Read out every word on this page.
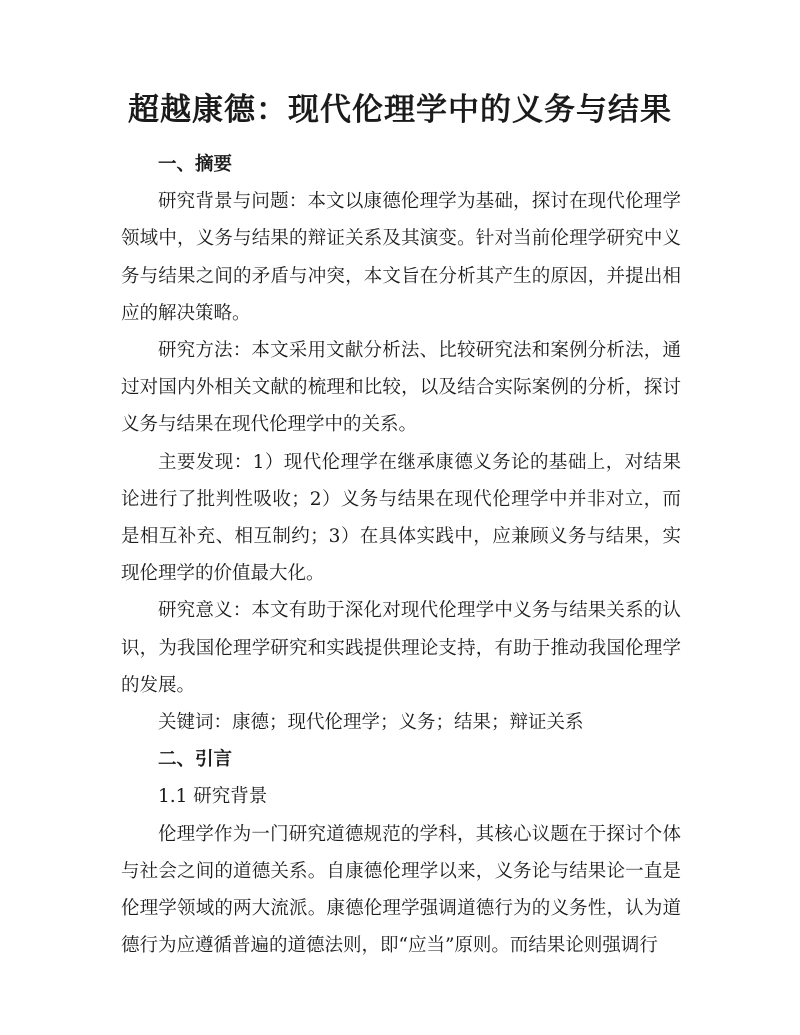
超越康德：现代伦理学中的义务与结果

一、摘要

研究背景与问题：本文以康德伦理学为基础，探讨在现代伦理学领域中，义务与结果的辩证关系及其演变。针对当前伦理学研究中义务与结果之间的矛盾与冲突，本文旨在分析其产生的原因，并提出相应的解决策略。

研究方法：本文采用文献分析法、比较研究法和案例分析法，通过对国内外相关文献的梳理和比较，以及结合实际案例的分析，探讨义务与结果在现代伦理学中的关系。

主要发现：1）现代伦理学在继承康德义务论的基础上，对结果论进行了批判性吸收；2）义务与结果在现代伦理学中并非对立，而是相互补充、相互制约；3）在具体实践中，应兼顾义务与结果，实现伦理学的价值最大化。

研究意义：本文有助于深化对现代伦理学中义务与结果关系的认识，为我国伦理学研究和实践提供理论支持，有助于推动我国伦理学的发展。

关键词：康德；现代伦理学；义务；结果；辩证关系

二、引言

1.1 研究背景

伦理学作为一门研究道德规范的学科，其核心议题在于探讨个体与社会之间的道德关系。自康德伦理学以来，义务论与结果论一直是伦理学领域的两大流派。康德伦理学强调道德行为的义务性，认为道德行为应遵循普遍的道德法则，即“应当”原则。而结果论则强调行
